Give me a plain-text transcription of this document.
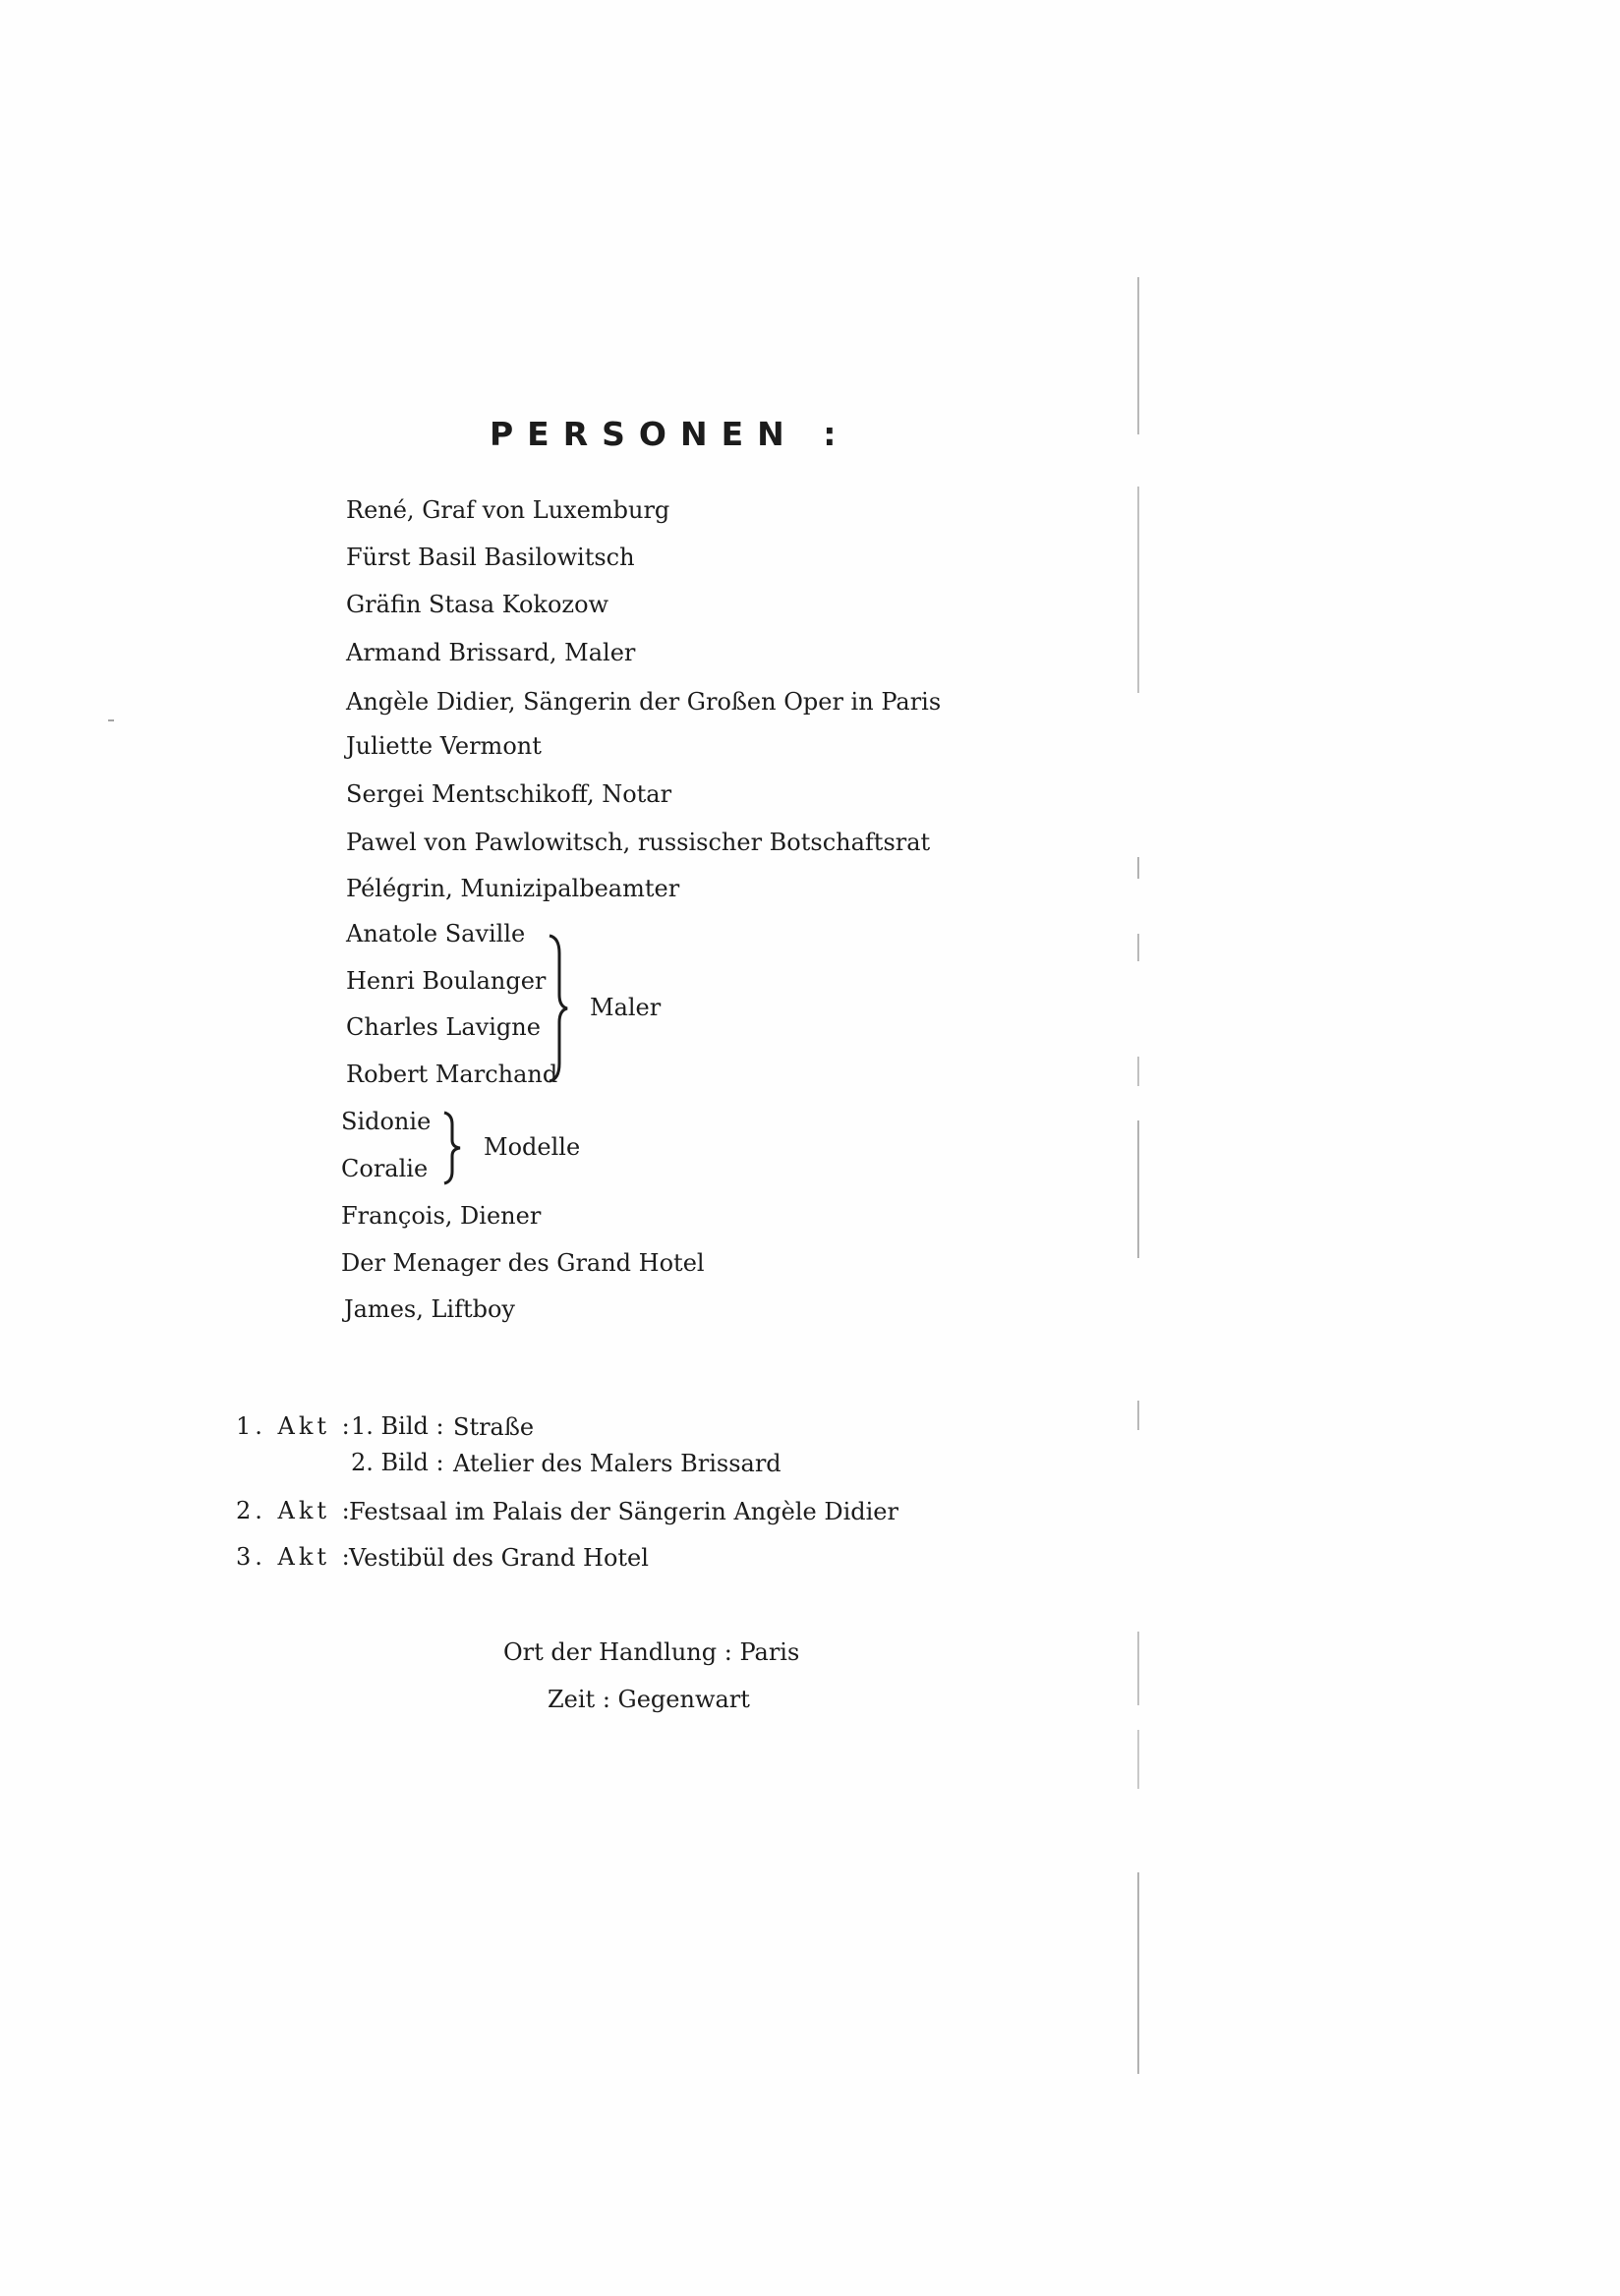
PERSONEN :
René, Graf von Luxemburg
Fürst Basil Basilowitsch
Gräfin Stasa Kokozow
Armand Brissard, Maler
Angèle Didier, Sängerin der Großen Oper in Paris
Juliette Vermont
Sergei Mentschikoff, Notar
Pawel von Pawlowitsch, russischer Botschaftsrat
Pélégrin, Munizipalbeamter
Anatole Saville
Henri Boulanger
Charles Lavigne
Robert Marchand
Maler
Sidonie
Coralie
Modelle
François, Diener
Der Menager des Grand Hotel
James, Liftboy
1. Akt :
1. Bild : Straße
2. Bild : Atelier des Malers Brissard
2. Akt :
Festsaal im Palais der Sängerin Angèle Didier
3. Akt :
Vestibül des Grand Hotel
Ort der Handlung : Paris
Zeit : Gegenwart
